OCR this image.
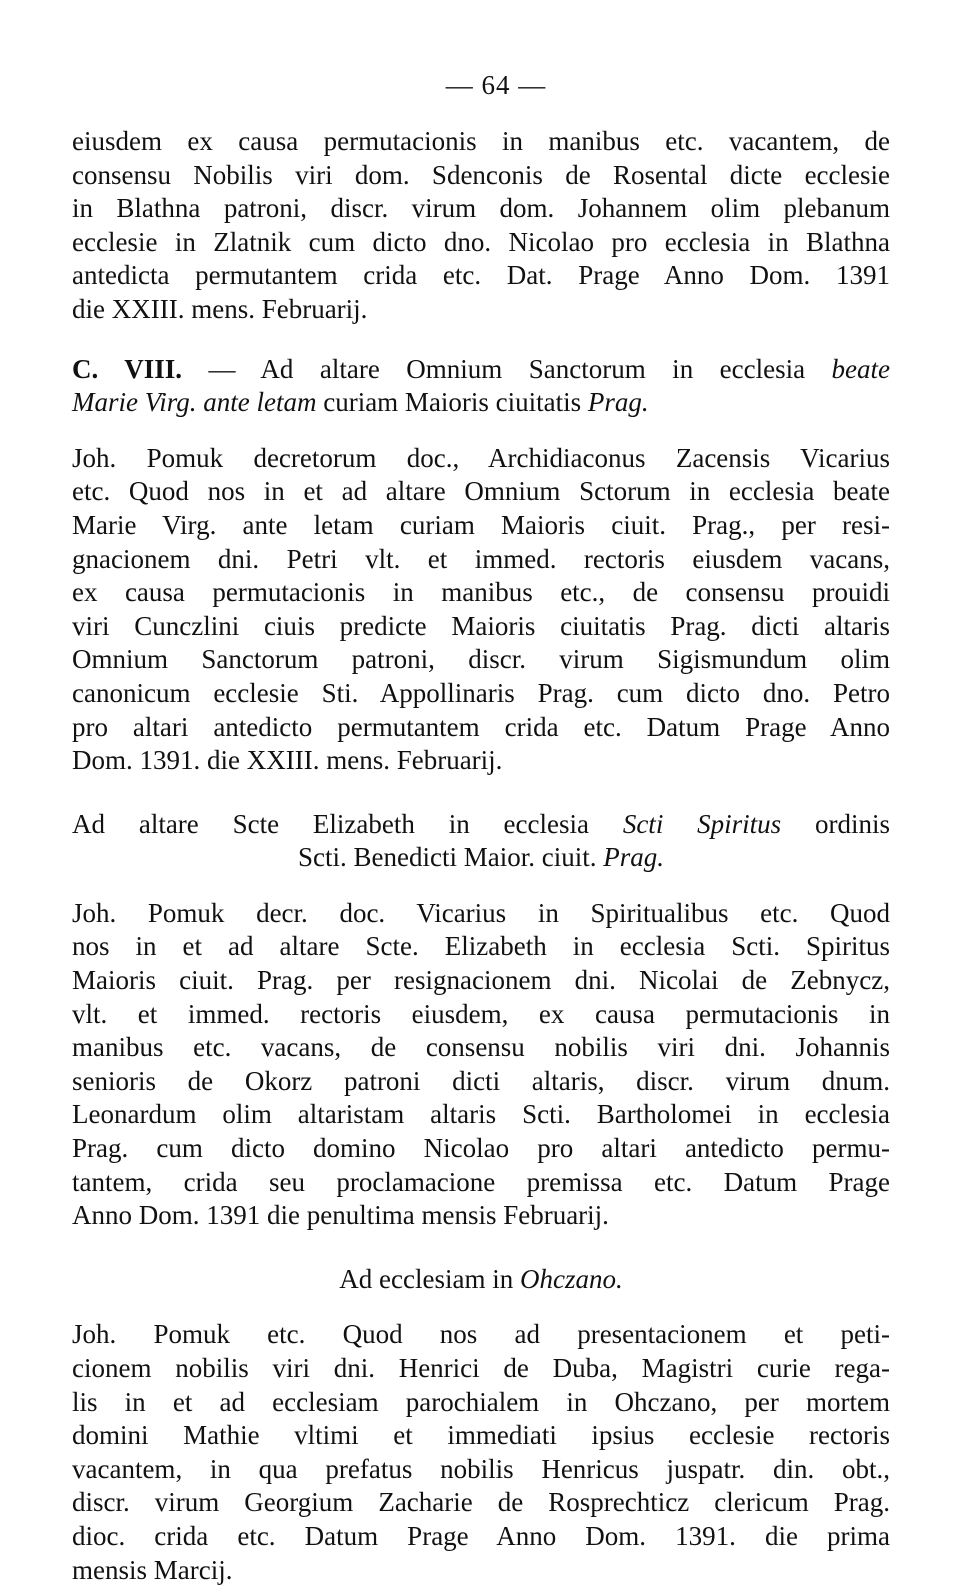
— 64 —

eiusdem ex causa permutacionis in manibus etc. vacantem, de
consensu Nobilis viri dom. Sdenconis de Rosental dicte ecclesie
in Blathna patroni, discr. virum dom. Johannem olim plebanum
ecclesie in Zlatnik cum dicto dno. Nicolao pro ecclesia in Blathna
antedicta permutantem crida etc. Dat. Prage Anno Dom. 1391
die XXIII. mens. Februarij.

C. VIII. — Ad altare Omnium Sanctorum in ecclesia beate
Marie Virg. ante letam curiam Maioris ciuitatis Prag.

Joh. Pomuk decretorum doc., Archidiaconus Zacensis Vicarius
etc. Quod nos in et ad altare Omnium Sctorum in ecclesia beate
Marie Virg. ante letam curiam Maioris ciuit. Prag., per resi-
gnacionem dni. Petri vlt. et immed. rectoris eiusdem vacans,
ex causa permutacionis in manibus etc., de consensu prouidi
viri Cunczlini ciuis predicte Maioris ciuitatis Prag. dicti altaris
Omnium Sanctorum patroni, discr. virum Sigismundum olim
canonicum ecclesie Sti. Appollinaris Prag. cum dicto dno. Petro
pro altari antedicto permutantem crida etc. Datum Prage Anno
Dom. 1391. die XXIII. mens. Februarij.

Ad altare Scte Elizabeth in ecclesia Scti Spiritus ordinis
Scti. Benedicti Maior. ciuit. Prag.

Joh. Pomuk decr. doc. Vicarius in Spiritualibus etc. Quod
nos in et ad altare Scte. Elizabeth in ecclesia Scti. Spiritus
Maioris ciuit. Prag. per resignacionem dni. Nicolai de Zebnycz,
vlt. et immed. rectoris eiusdem, ex causa permutacionis in
manibus etc. vacans, de consensu nobilis viri dni. Johannis
senioris de Okorz patroni dicti altaris, discr. virum dnum.
Leonardum olim altaristam altaris Scti. Bartholomei in ecclesia
Prag. cum dicto domino Nicolao pro altari antedicto permu-
tantem, crida seu proclamacione premissa etc. Datum Prage
Anno Dom. 1391 die penultima mensis Februarij.

Ad ecclesiam in Ohczano.

Joh. Pomuk etc. Quod nos ad presentacionem et peti-
cionem nobilis viri dni. Henrici de Duba, Magistri curie rega-
lis in et ad ecclesiam parochialem in Ohczano, per mortem
domini Mathie vltimi et immediati ipsius ecclesie rectoris
vacantem, in qua prefatus nobilis Henricus juspatr. din. obt.,
discr. virum Georgium Zacharie de Rosprechticz clericum Prag.
dioc. crida etc. Datum Prage Anno Dom. 1391. die prima
mensis Marcij.
